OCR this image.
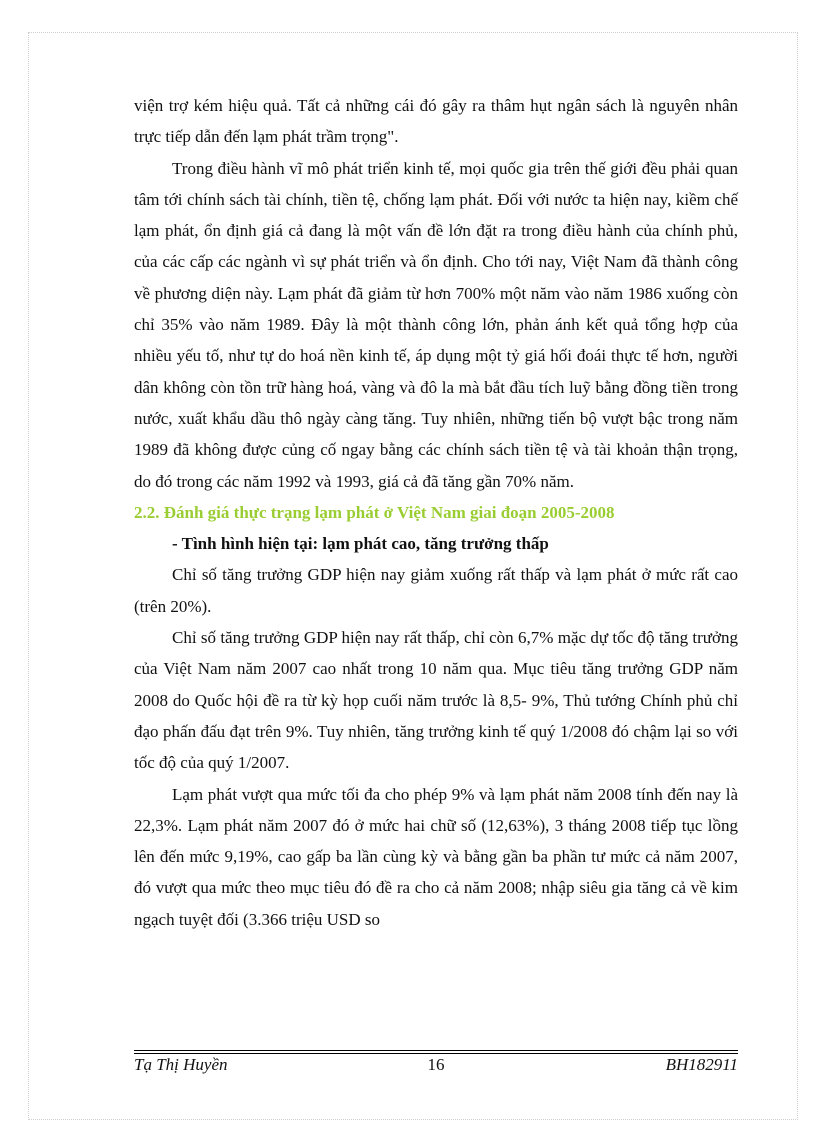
viện trợ kém hiệu quả. Tất cả những cái đó gây ra thâm hụt ngân sách là nguyên nhân trực tiếp dẫn đến lạm phát trầm trọng".

Trong điều hành vĩ mô phát triển kinh tế, mọi quốc gia trên thế giới đều phải quan tâm tới chính sách tài chính, tiền tệ, chống lạm phát. Đối với nước ta hiện nay, kiềm chế lạm phát, ổn định giá cả đang là một vấn đề lớn đặt ra trong điều hành của chính phủ, của các cấp các ngành vì sự phát triển và ổn định. Cho tới nay, Việt Nam đã thành công về phương diện này. Lạm phát đã giảm từ hơn 700% một năm vào năm 1986 xuống còn chỉ 35% vào năm 1989. Đây là một thành công lớn, phản ánh kết quả tổng hợp của nhiều yếu tố, như tự do hoá nền kinh tế, áp dụng một tỷ giá hối đoái thực tế hơn, người dân không còn tồn trữ hàng hoá, vàng và đô la mà bắt đầu tích luỹ bằng đồng tiền trong nước, xuất khẩu dầu thô ngày càng tăng. Tuy nhiên, những tiến bộ vượt bậc trong năm 1989 đã không được củng cố ngay bằng các chính sách tiền tệ và tài khoản thận trọng, do đó trong các năm 1992 và 1993, giá cả đã tăng gần 70% năm.

2.2. Đánh giá thực trạng lạm phát ở Việt Nam giai đoạn 2005-2008

- Tình hình hiện tại: lạm phát cao, tăng trưởng thấp

Chỉ số tăng trưởng GDP hiện nay giảm xuống rất thấp và lạm phát ở mức rất cao (trên 20%).

Chỉ số tăng trưởng GDP hiện nay rất thấp, chỉ còn 6,7% mặc dự tốc độ tăng trưởng của Việt Nam năm 2007 cao nhất trong 10 năm qua. Mục tiêu tăng trưởng GDP năm 2008 do Quốc hội đề ra từ kỳ họp cuối năm trước là 8,5- 9%, Thủ tướng Chính phủ chỉ đạo phấn đấu đạt trên 9%. Tuy nhiên, tăng trưởng kinh tế quý 1/2008 đó chậm lại so với tốc độ của quý 1/2007.

Lạm phát vượt qua mức tối đa cho phép 9% và lạm phát năm 2008 tính đến nay là 22,3%. Lạm phát năm 2007 đó ở mức hai chữ số (12,63%), 3 tháng 2008 tiếp tục lồng lên đến mức 9,19%, cao gấp ba lần cùng kỳ và bằng gần ba phần tư mức cả năm 2007, đó vượt qua mức theo mục tiêu đó đề ra cho cả năm 2008; nhập siêu gia tăng cả về kim ngạch tuyệt đối (3.366 triệu USD so

Tạ Thị Huyền	16	BH182911
